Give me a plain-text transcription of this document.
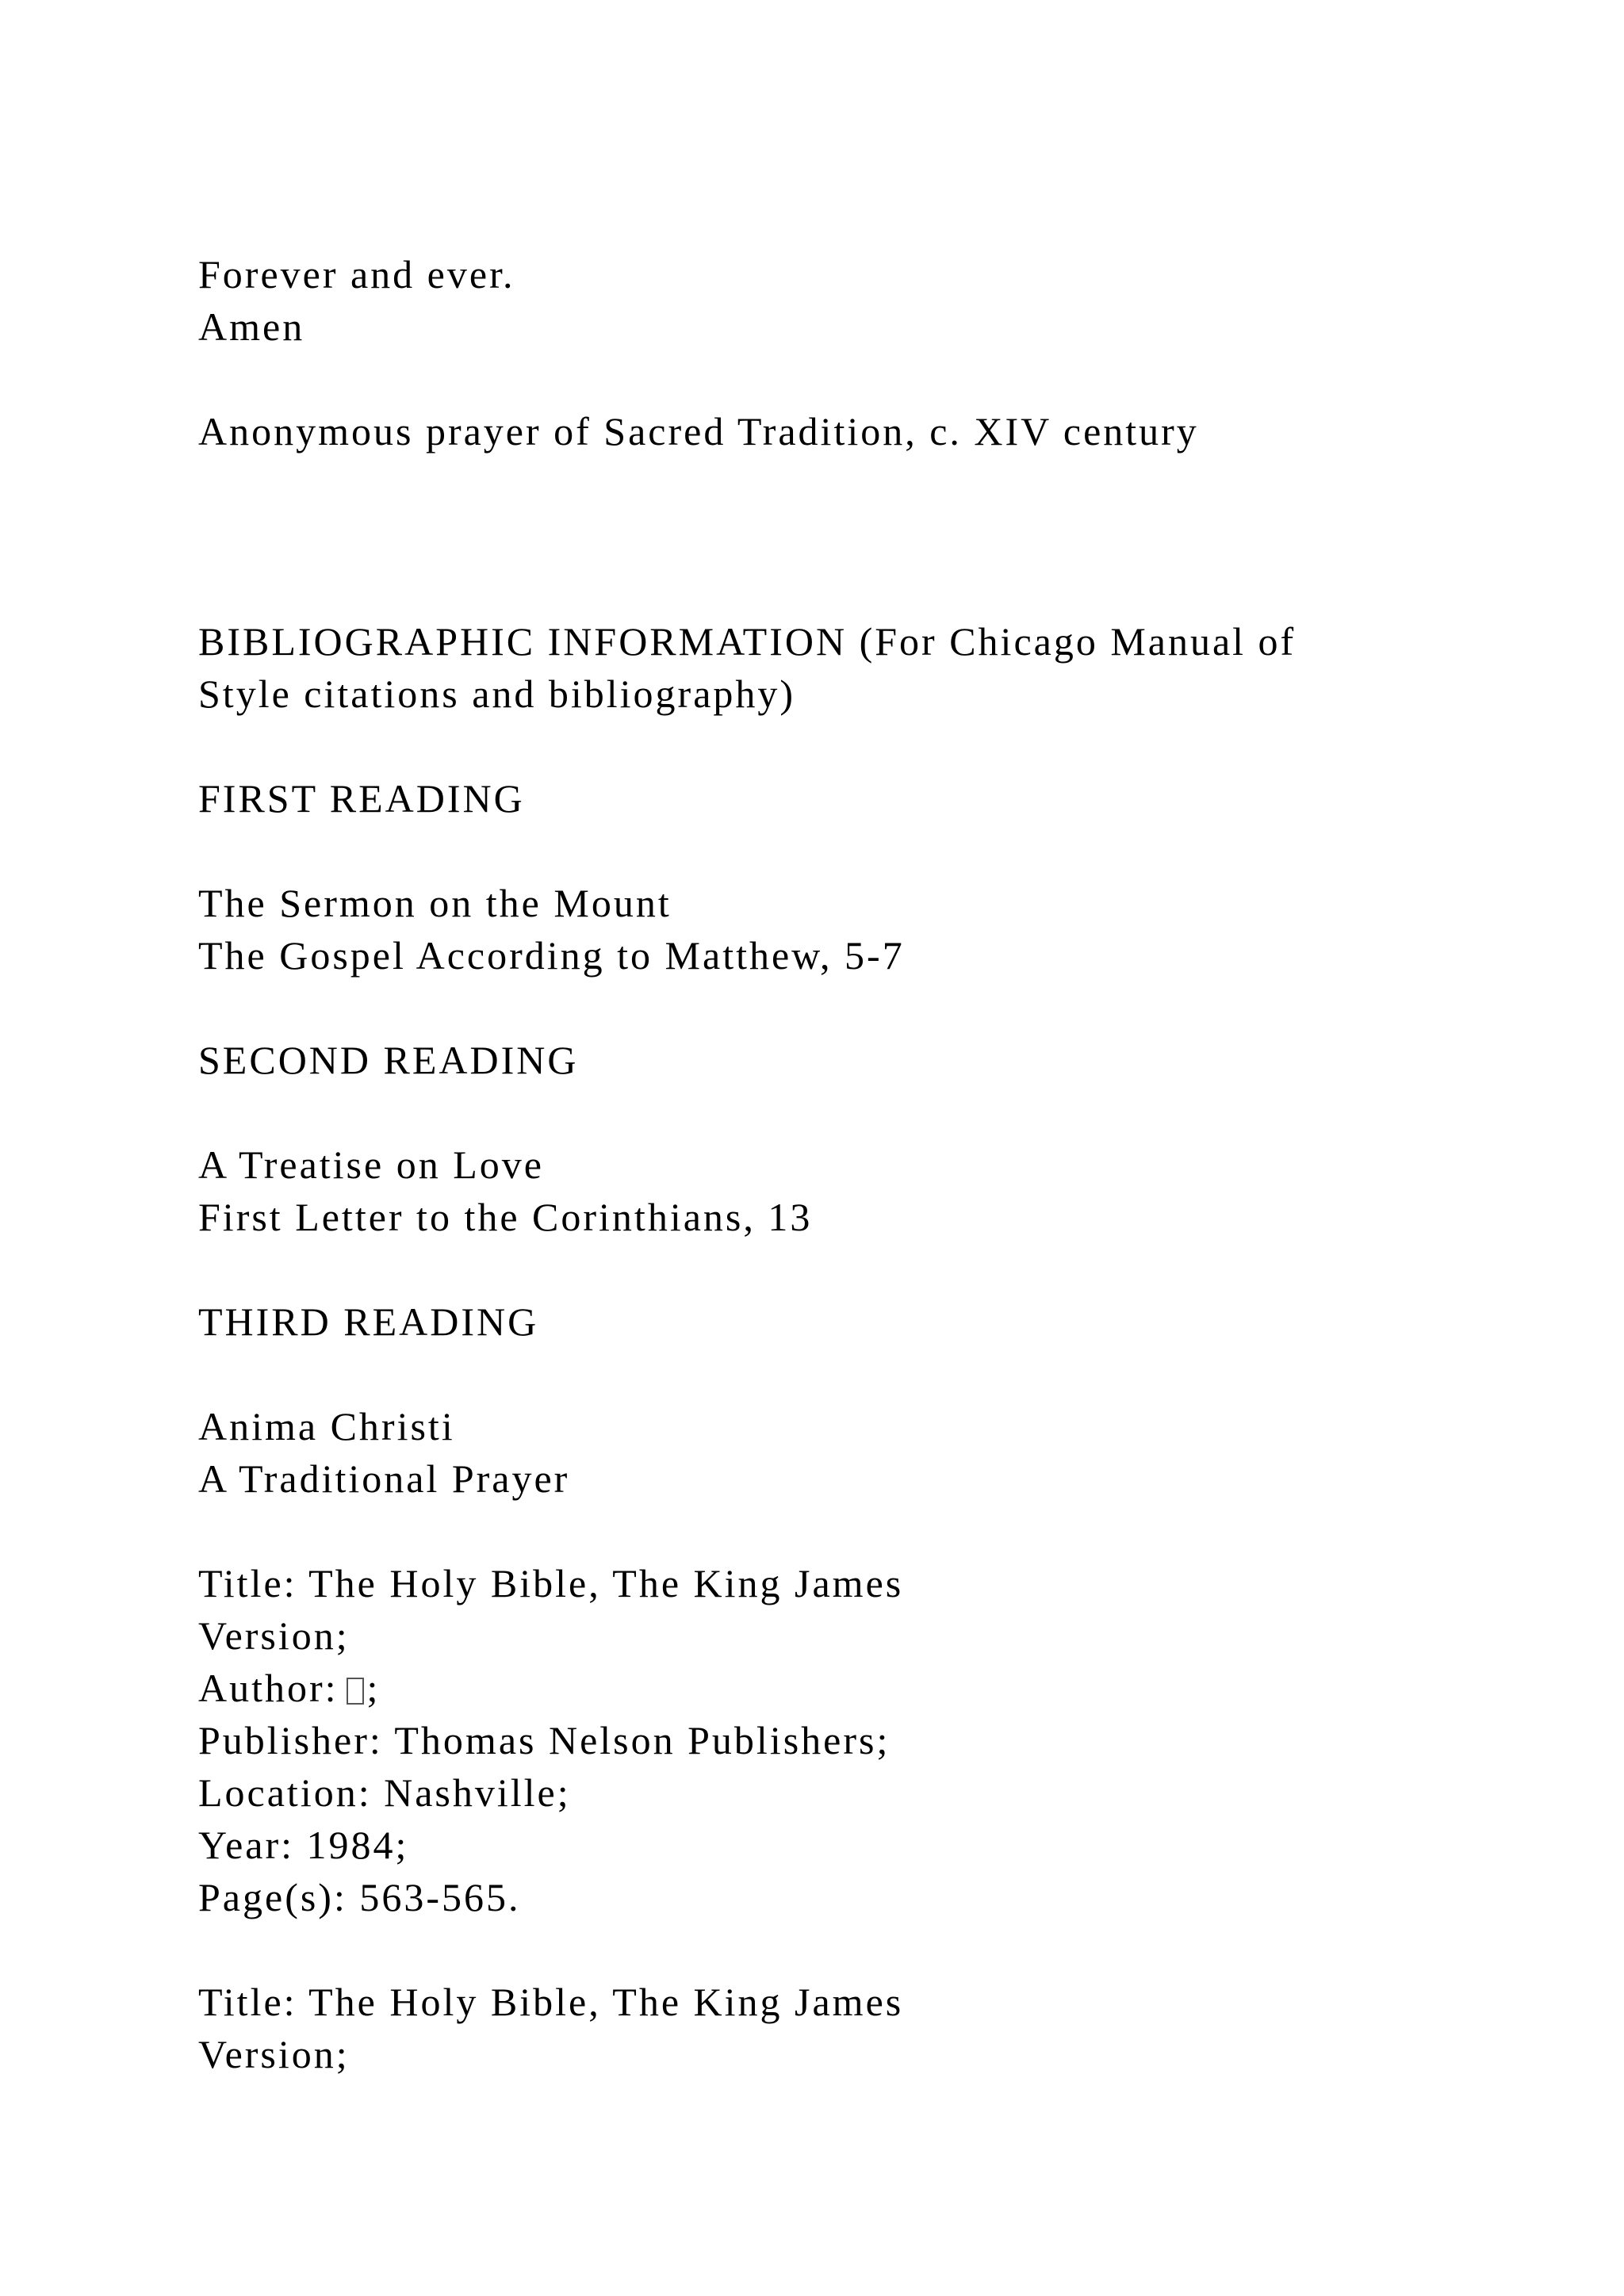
Forever and ever.

Amen

Anonymous prayer of Sacred Tradition, c. XIV century

BIBLIOGRAPHIC INFORMATION (For Chicago Manual of

Style citations and bibliography)

FIRST READING

The Sermon on the Mount

The Gospel According to Matthew, 5-7

SECOND READING

A Treatise on Love

First Letter to the Corinthians, 13

THIRD READING

Anima Christi

A Traditional Prayer

Title: The Holy Bible, The King James

Version;

Author: ;

Publisher: Thomas Nelson Publishers;

Location: Nashville;

Year: 1984;

Page(s): 563-565.

Title: The Holy Bible, The King James

Version;
